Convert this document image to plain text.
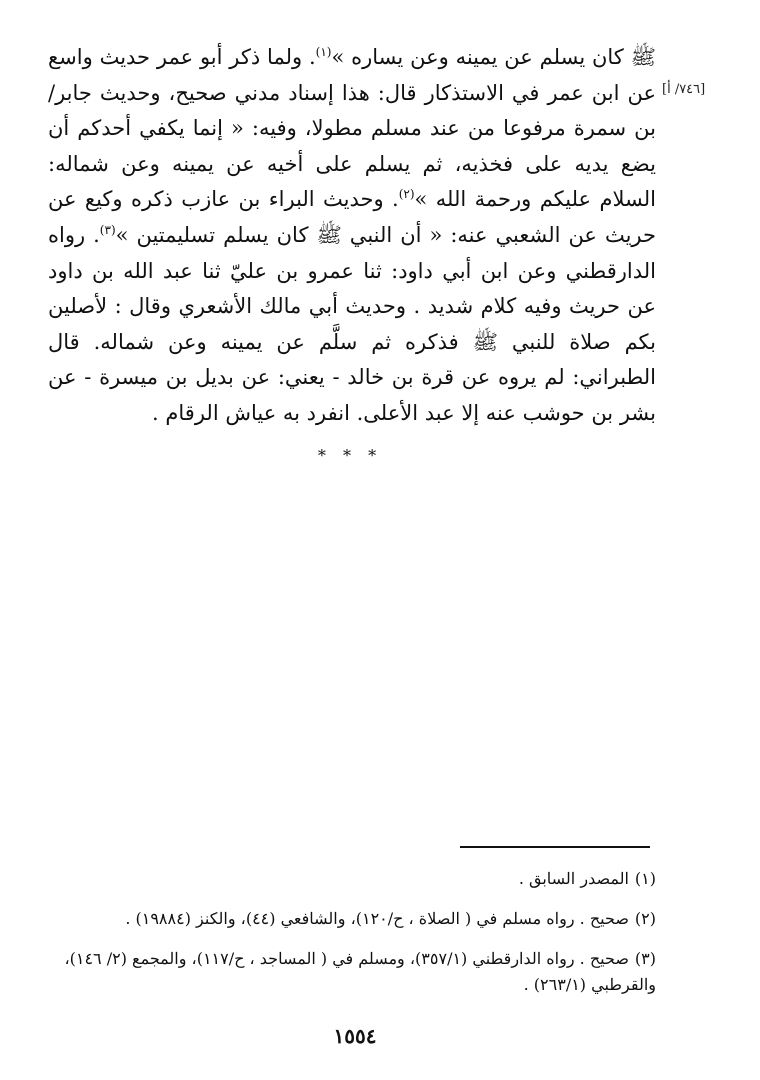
[٧٤٦/ أ]

ﷺ كان يسلم عن يمينه وعن يساره »$^{(١)}$. ولما ذكر أبو عمر حديث واسع عن ابن عمر في الاستذكار قال: هذا إسناد مدني صحيح، وحديث جابر/ بن سمرة مرفوعا من عند مسلم مطولا، وفيه: « إنما يكفي أحدكم أن يضع يديه على فخذيه، ثم يسلم على أخيه عن يمينه وعن شماله: السلام عليكم ورحمة الله »$^{(٢)}$. وحديث البراء بن عازب ذكره وكيع عن حريث عن الشعبي عنه: « أن النبي ﷺ كان يسلم تسليمتين »$^{(٣)}$. رواه الدارقطني وعن ابن أبي داود: ثنا عمرو بن عليّ ثنا عبد الله بن داود عن حريث وفيه كلام شديد . وحديث أبي مالك الأشعري وقال : لأصلين بكم صلاة للنبي ﷺ فذكره ثم سلَّم عن يمينه وعن شماله. قال الطبراني: لم يروه عن قرة بن خالد - يعني: عن بديل بن ميسرة - عن بشر بن حوشب عنه إلا عبد الأعلى. انفرد به عياش الرقام .

* * *

(١)المصدر السابق .

(٢)صحيح . رواه مسلم في ( الصلاة ، ح/١٢٠)، والشافعي (٤٤)، والكنز (١٩٨٨٤) .

(٣)صحيح . رواه الدارقطني (٣٥٧/١)، ومسلم في ( المساجد ، ح/١١٧)، والمجمع (٢/ ١٤٦)، والقرطبي (٢٦٣/١) .

١٥٥٤
